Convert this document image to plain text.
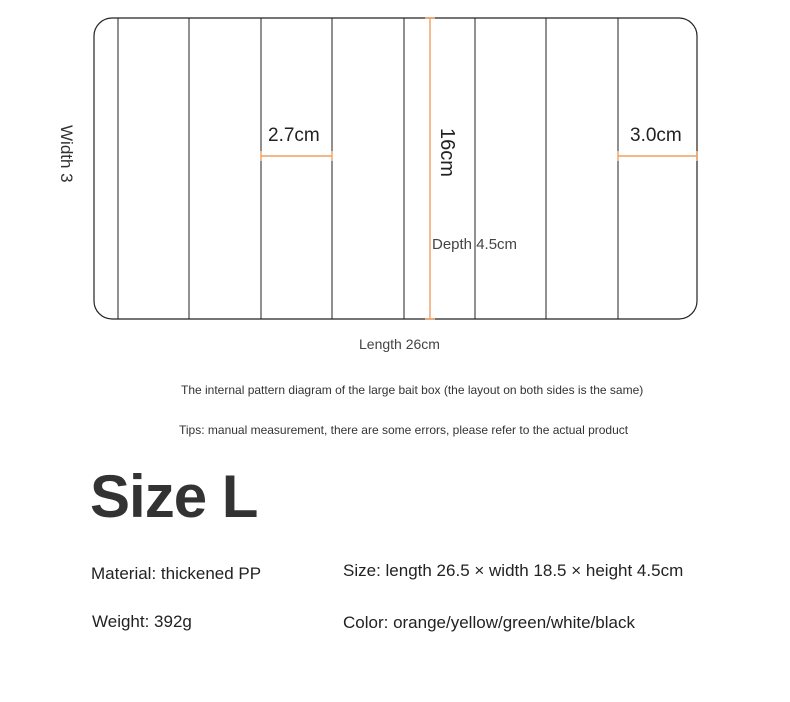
Width 3	2.7cm	16cm	3.0cm
Depth 4.5cm
Length 26cm
The internal pattern diagram of the large bait box (the layout on both sides is the same)
Tips: manual measurement, there are some errors, please refer to the actual product
Size L
Material: thickened PP	Size: length 26.5 × width 18.5 × height 4.5cm
Weight: 392g	Color: orange/yellow/green/white/black
